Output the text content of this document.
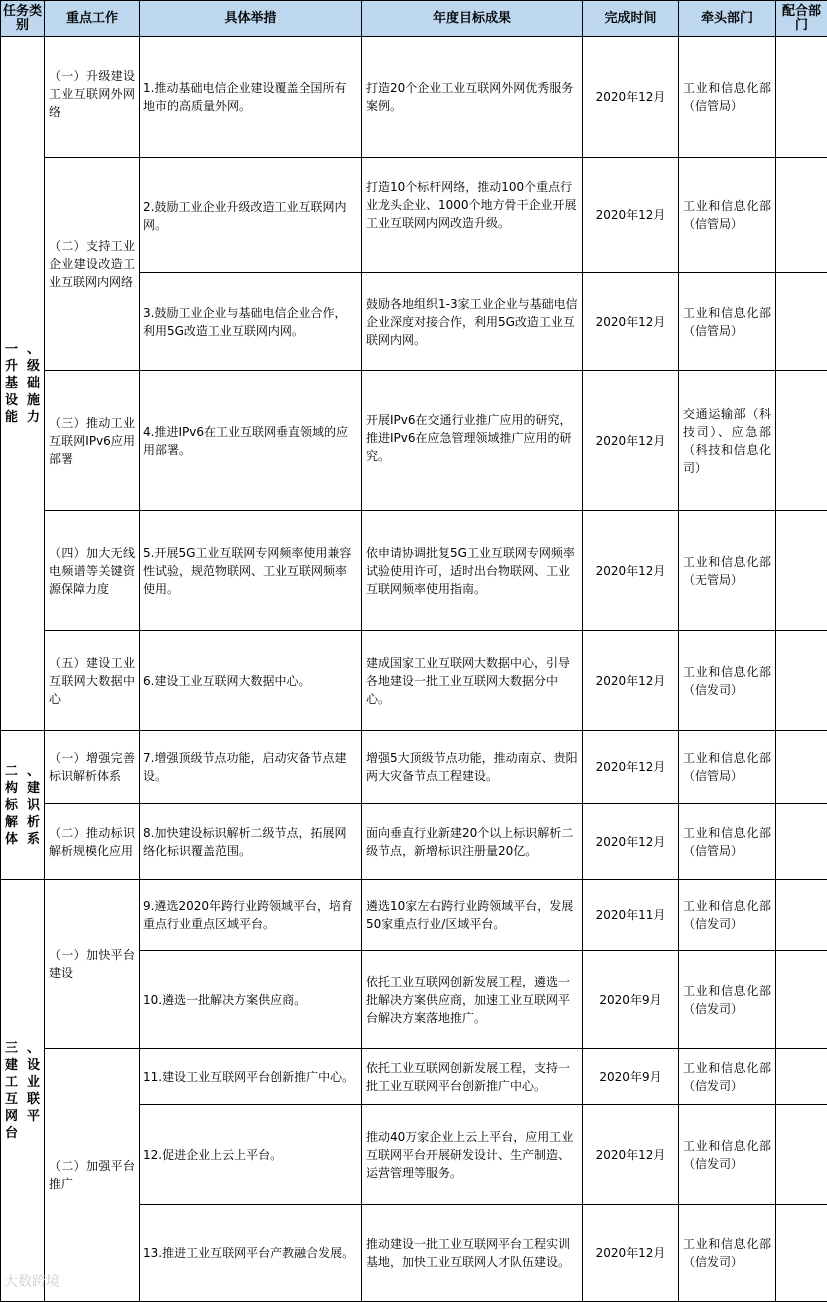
任务类别	重点工作	具体举措	年度目标成果	完成时间	牵头部门	配合部门
一、升级基础设施能力	（一）升级建设工业互联网外网络	1.推动基础电信企业建设覆盖全国所有地市的高质量外网。	打造20个企业工业互联网外网优秀服务案例。	2020年12月	工业和信息化部（信管局）	
	（二）支持工业企业建设改造工业互联网内网络	2.鼓励工业企业升级改造工业互联网内网。	打造10个标杆网络，推动100个重点行业龙头企业、1000个地方骨干企业开展工业互联网内网改造升级。	2020年12月	工业和信息化部（信管局）	
		3.鼓励工业企业与基础电信企业合作，利用5G改造工业互联网内网。	鼓励各地组织1-3家工业企业与基础电信企业深度对接合作，利用5G改造工业互联网内网。	2020年12月	工业和信息化部（信管局）	
	（三）推动工业互联网IPv6应用部署	4.推进IPv6在工业互联网垂直领域的应用部署。	开展IPv6在交通行业推广应用的研究，推进IPv6在应急管理领域推广应用的研究。	2020年12月	交通运输部（科技司）、应急部（科技和信息化司）	
	（四）加大无线电频谱等关键资源保障力度	5.开展5G工业互联网专网频率使用兼容性试验，规范物联网、工业互联网频率使用。	依申请协调批复5G工业互联网专网频率试验使用许可，适时出台物联网、工业互联网频率使用指南。	2020年12月	工业和信息化部（无管局）	
	（五）建设工业互联网大数据中心	6.建设工业互联网大数据中心。	建成国家工业互联网大数据中心，引导各地建设一批工业互联网大数据分中心。	2020年12月	工业和信息化部（信发司）	
二、构建标识解析体系	（一）增强完善标识解析体系	7.增强顶级节点功能，启动灾备节点建设。	增强5大顶级节点功能，推动南京、贵阳两大灾备节点工程建设。	2020年12月	工业和信息化部（信管局）	
	（二）推动标识解析规模化应用	8.加快建设标识解析二级节点，拓展网络化标识覆盖范围。	面向垂直行业新建20个以上标识解析二级节点，新增标识注册量20亿。	2020年12月	工业和信息化部（信管局）	
三、建设工业互联网平台	（一）加快平台建设	9.遴选2020年跨行业跨领域平台，培育重点行业重点区域平台。	遴选10家左右跨行业跨领域平台，发展50家重点行业/区域平台。	2020年11月	工业和信息化部（信发司）	
		10.遴选一批解决方案供应商。	依托工业互联网创新发展工程，遴选一批解决方案供应商，加速工业互联网平台解决方案落地推广。	2020年9月	工业和信息化部（信发司）	
	（二）加强平台推广	11.建设工业互联网平台创新推广中心。	依托工业互联网创新发展工程，支持一批工业互联网平台创新推广中心。	2020年9月	工业和信息化部（信发司）	
		12.促进企业上云上平台。	推动40万家企业上云上平台，应用工业互联网平台开展研发设计、生产制造、运营管理等服务。	2020年12月	工业和信息化部（信发司）	
		13.推进工业互联网平台产教融合发展。	推动建设一批工业互联网平台工程实训基地，加快工业互联网人才队伍建设。	2020年12月	工业和信息化部（信发司）	
大数跨境
